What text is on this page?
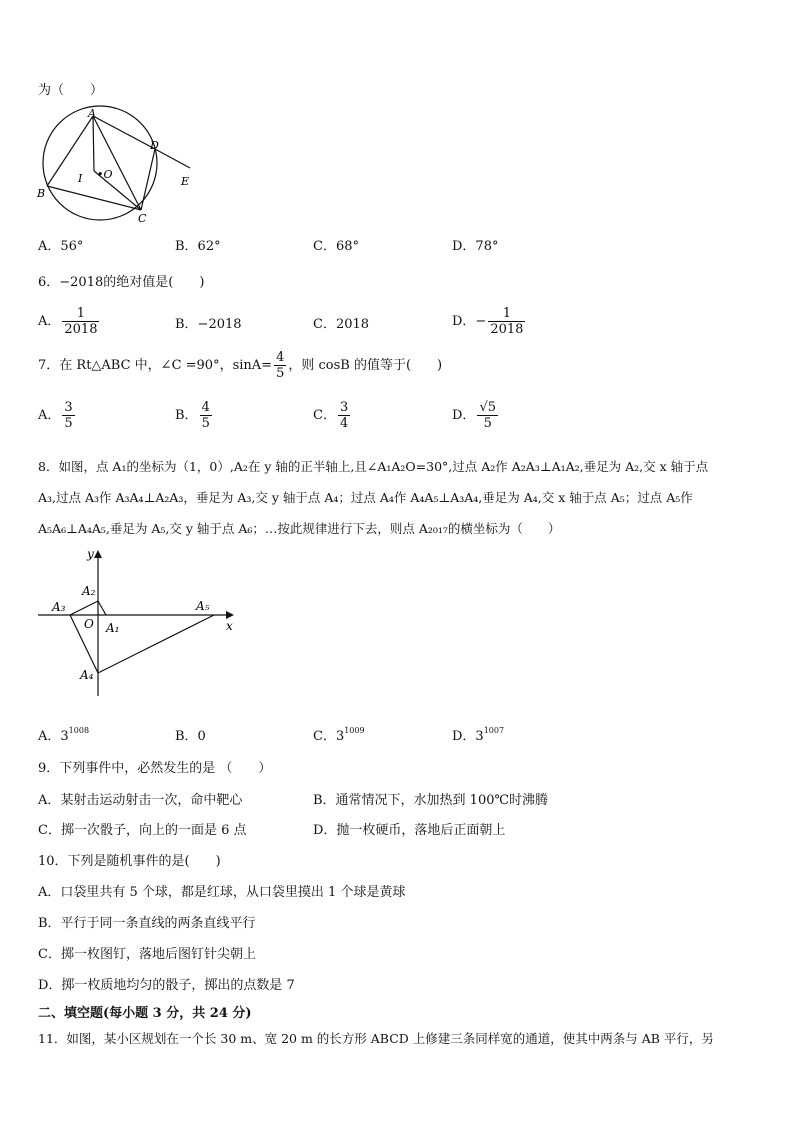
为（　　）
A
B
C
D
E
I •O
A．56°	B．62°	C．68°	D．78°
6．−2018的绝对值是(　　)
A． $\frac{1}{2018}$	B．−2018	C．2018	D．− $\frac{1}{2018}$
7．在 Rt△ABC 中，∠C =90°，$\sin A= \frac{4}{5}$ ，则 cosB 的值等于(　　)
A． $\frac{3}{5}$	B． $\frac{4}{5}$	C． $\frac{3}{4}$	D． $\frac{√5}{5}$
8．如图，点 A₁的坐标为（1，0）,A₂在 y 轴的正半轴上,且∠A₁A₂O=30°,过点 A₂作 A₂A₃⊥A₁A₂,垂足为 A₂,交 x 轴于点
A₃,过点 A₃作 A₃A₄⊥A₂A₃，垂足为 A₃,交 y 轴于点 A₄；过点 A₄作 A₄A₅⊥A₃A₄,垂足为 A₄,交 x 轴于点 A₅；过点 A₅作
A₅A₆⊥A₄A₅,垂足为 A₅,交 y 轴于点 A₆；…按此规律进行下去，则点 A₂₀₁₇的横坐标为（　　）
y
x
O A₁
A₂
A₃
A₄
A₅
A．$3^{1008}$	B．0	C．$3^{1009}$	D．$3^{1007}$
9．下列事件中，必然发生的是 （　　）
A．某射击运动射击一次，命中靶心	B．通常情况下，水加热到 100℃时沸腾
C．掷一次骰子，向上的一面是 6 点	D．抛一枚硬币，落地后正面朝上
10．下列是随机事件的是(　　)
A．口袋里共有 5 个球，都是红球，从口袋里摸出 1 个球是黄球
B．平行于同一条直线的两条直线平行
C．掷一枚图钉，落地后图钉针尖朝上
D．掷一枚质地均匀的骰子，掷出的点数是 7
二、填空题(每小题 3 分，共 24 分)
11．如图，某小区规划在一个长 30 m、宽 20 m 的长方形 ABCD 上修建三条同样宽的通道，使其中两条与 AB 平行，另
